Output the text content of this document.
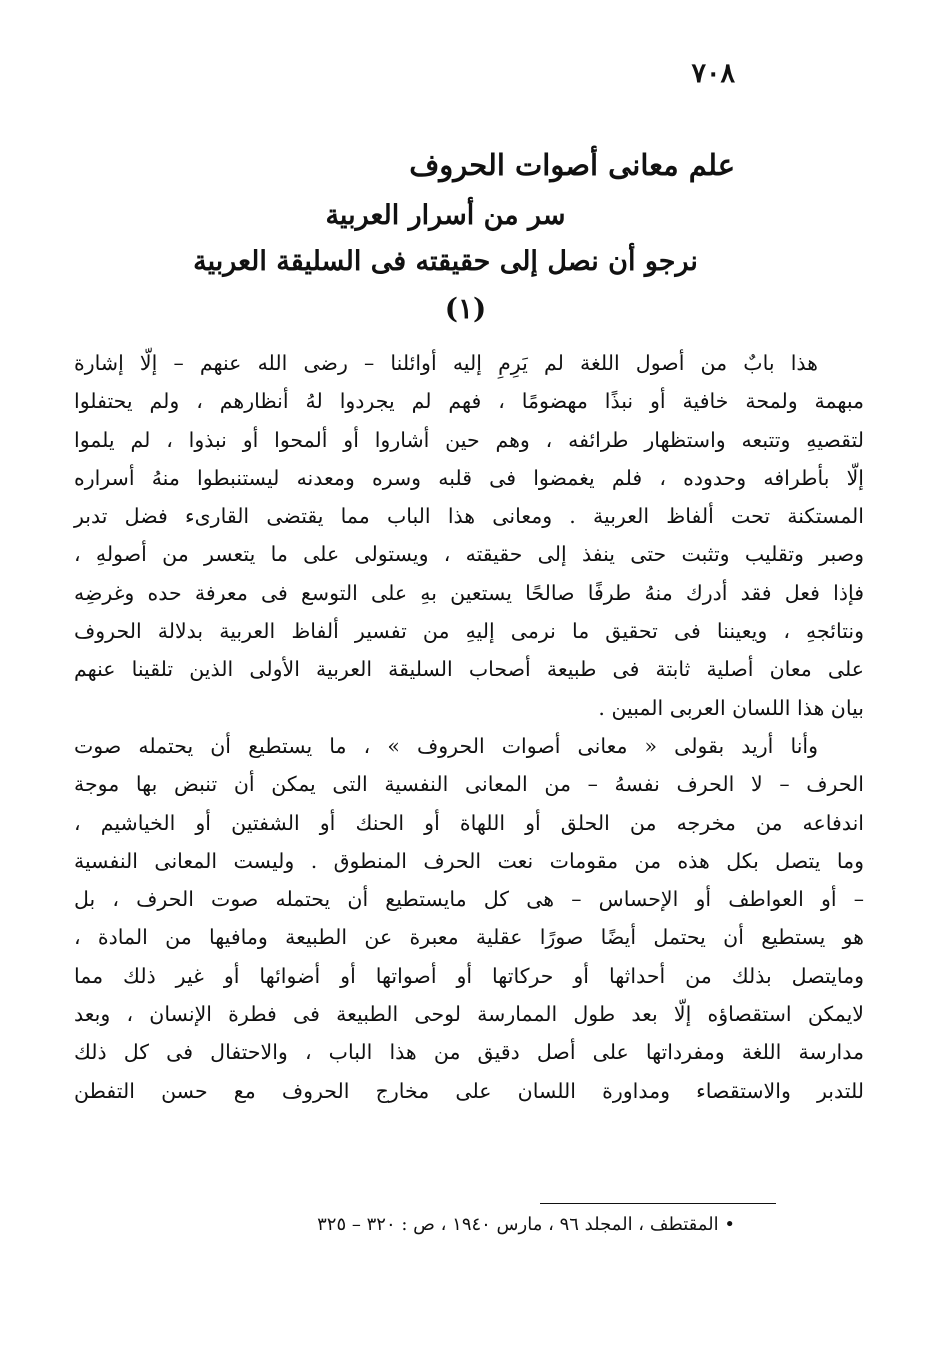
٧٠٨
علم معانى أصوات الحروف
سر من أسرار العربية
نرجو أن نصل إلى حقيقته فى السليقة العربية
(١)
هذا بابٌ من أصول اللغة لم يَرِمِ إليه أوائلنا – رضى الله عنهم – إلّا إشارة
مبهمة ولمحة خافية أو نبذًا مهضومًا ، فهم لم يجردوا لهُ أنظارهم ، ولم يحتفلوا
لتقصيهِ وتتبعه واستظهار طرائفه ، وهم حين أشاروا أو ألمحوا أو نبذوا ، لم يلموا
إلّا بأطرافه وحدوده ، فلم يغمضوا فى قلبه وسره ومعدنه ليستنبطوا منهُ أسراره
المستكنة تحت ألفاظ العربية . ومعانى هذا الباب مما يقتضى القارىء فضل تدبر
وصبر وتقليب وتثبت حتى ينفذ إلى حقيقته ، ويستولى على ما يتعسر من أصولهِ ،
فإذا فعل فقد أدرك منهُ طرفًا صالحًا يستعين بهِ على التوسع فى معرفة حده وغرضِه
ونتائجهِ ، ويعيننا فى تحقيق ما نرمى إليهِ من تفسير ألفاظ العربية بدلالة الحروف
على معان أصلية ثابتة فى طبيعة أصحاب السليقة العربية الأولى الذين تلقينا عنهم
بيان هذا اللسان العربى المبين .
وأنا أريد بقولى « معانى أصوات الحروف » ، ما يستطيع أن يحتمله صوت
الحرف – لا الحرف نفسهُ – من المعانى النفسية التى يمكن أن تنبض بها موجة
اندفاعه من مخرجه من الحلق أو اللهاة أو الحنك أو الشفتين أو الخياشيم ،
وما يتصل بكل هذه من مقومات نعت الحرف المنطوق . وليست المعانى النفسية
– أو العواطف أو الإحساس – هى كل مايستطيع أن يحتمله صوت الحرف ، بل
هو يستطيع أن يحتمل أيضًا صورًا عقلية معبرة عن الطبيعة ومافيها من المادة ،
ومايتصل بذلك من أحداثها أو حركاتها أو أصواتها أو أضوائها أو غير ذلك مما
لايمكن استقصاؤه إلّا بعد طول الممارسة لوحى الطبيعة فى فطرة الإنسان ، وبعد
مدارسة اللغة ومفرداتها على أصل دقيق من هذا الباب ، والاحتفال فى كل ذلك
للتدبر والاستقصاء ومداورة اللسان على مخارج الحروف مع حسن التفطن
• المقتطف ، المجلد ٩٦ ، مارس ١٩٤٠ ، ص : ٣٢٠ – ٣٢٥
